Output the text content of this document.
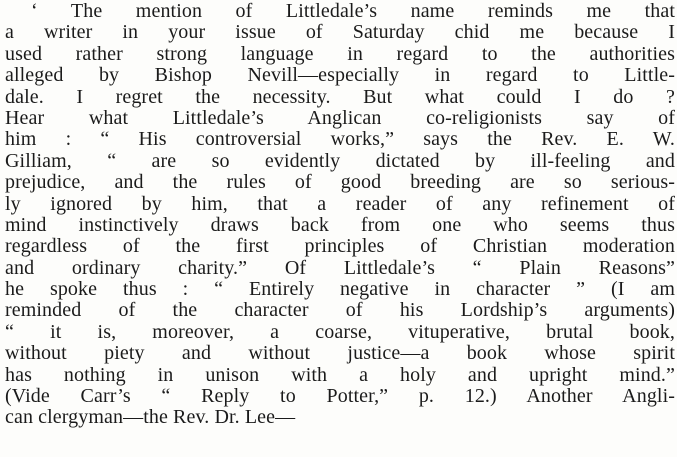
‘ The mention of Littledale’s name reminds me that
a writer in your issue of Saturday chid me because I
used rather strong language in regard to the authorities
alleged by Bishop Nevill—especially in regard to Little-
dale. I regret the necessity. But what could I do ?
Hear what Littledale’s Anglican co-religionists say of
him : “ His controversial works,” says the Rev. E. W.
Gilliam, “ are so evidently dictated by ill-feeling and
prejudice, and the rules of good breeding are so serious-
ly ignored by him, that a reader of any refinement of
mind instinctively draws back from one who seems thus
regardless of the first principles of Christian moderation
and ordinary charity.” Of Littledale’s “ Plain Reasons”
he spoke thus : “ Entirely negative in character ” (I am
reminded of the character of his Lordship’s arguments)
“ it is, moreover, a coarse, vituperative, brutal book,
without piety and without justice—a book whose spirit
has nothing in unison with a holy and upright mind.”
(Vide Carr’s “ Reply to Potter,” p. 12.) Another Angli-
can clergyman—the Rev. Dr. Lee—
